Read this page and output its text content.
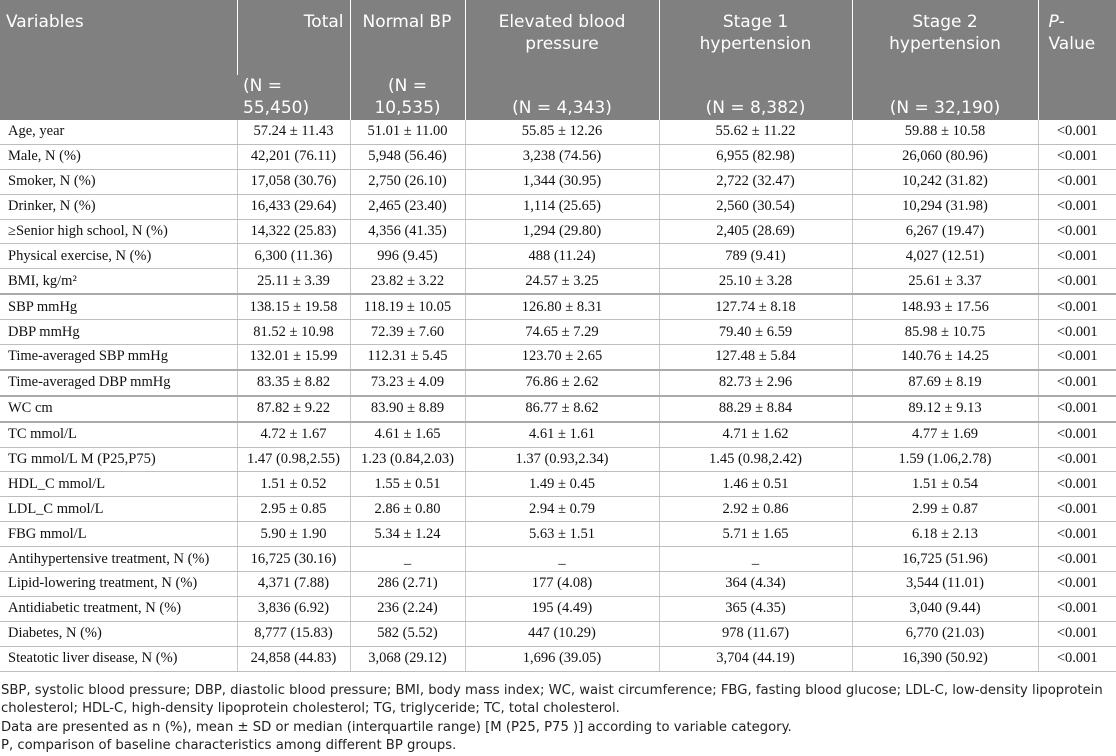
Variables	Total	Normal BP	Elevated blood pressure	Stage 1 hypertension	Stage 2 hypertension	P-Value
	(N = 55,450)	(N = 10,535)	(N = 4,343)	(N = 8,382)	(N = 32,190)	
Age, year	57.24 ± 11.43	51.01 ± 11.00	55.85 ± 12.26	55.62 ± 11.22	59.88 ± 10.58	<0.001
Male, N (%)	42,201 (76.11)	5,948 (56.46)	3,238 (74.56)	6,955 (82.98)	26,060 (80.96)	<0.001
Smoker, N (%)	17,058 (30.76)	2,750 (26.10)	1,344 (30.95)	2,722 (32.47)	10,242 (31.82)	<0.001
Drinker, N (%)	16,433 (29.64)	2,465 (23.40)	1,114 (25.65)	2,560 (30.54)	10,294 (31.98)	<0.001
≥Senior high school, N (%)	14,322 (25.83)	4,356 (41.35)	1,294 (29.80)	2,405 (28.69)	6,267 (19.47)	<0.001
Physical exercise, N (%)	6,300 (11.36)	996 (9.45)	488 (11.24)	789 (9.41)	4,027 (12.51)	<0.001
BMI, kg/m²	25.11 ± 3.39	23.82 ± 3.22	24.57 ± 3.25	25.10 ± 3.28	25.61 ± 3.37	<0.001
SBP mmHg	138.15 ± 19.58	118.19 ± 10.05	126.80 ± 8.31	127.74 ± 8.18	148.93 ± 17.56	<0.001
DBP mmHg	81.52 ± 10.98	72.39 ± 7.60	74.65 ± 7.29	79.40 ± 6.59	85.98 ± 10.75	<0.001
Time-averaged SBP mmHg	132.01 ± 15.99	112.31 ± 5.45	123.70 ± 2.65	127.48 ± 5.84	140.76 ± 14.25	<0.001
Time-averaged DBP mmHg	83.35 ± 8.82	73.23 ± 4.09	76.86 ± 2.62	82.73 ± 2.96	87.69 ± 8.19	<0.001
WC cm	87.82 ± 9.22	83.90 ± 8.89	86.77 ± 8.62	88.29 ± 8.84	89.12 ± 9.13	<0.001
TC mmol/L	4.72 ± 1.67	4.61 ± 1.65	4.61 ± 1.61	4.71 ± 1.62	4.77 ± 1.69	<0.001
TG mmol/L M (P25,P75)	1.47 (0.98,2.55)	1.23 (0.84,2.03)	1.37 (0.93,2.34)	1.45 (0.98,2.42)	1.59 (1.06,2.78)	<0.001
HDL_C mmol/L	1.51 ± 0.52	1.55 ± 0.51	1.49 ± 0.45	1.46 ± 0.51	1.51 ± 0.54	<0.001
LDL_C mmol/L	2.95 ± 0.85	2.86 ± 0.80	2.94 ± 0.79	2.92 ± 0.86	2.99 ± 0.87	<0.001
FBG mmol/L	5.90 ± 1.90	5.34 ± 1.24	5.63 ± 1.51	5.71 ± 1.65	6.18 ± 2.13	<0.001
Antihypertensive treatment, N (%)	16,725 (30.16)	_	_	_	16,725 (51.96)	<0.001
Lipid-lowering treatment, N (%)	4,371 (7.88)	286 (2.71)	177 (4.08)	364 (4.34)	3,544 (11.01)	<0.001
Antidiabetic treatment, N (%)	3,836 (6.92)	236 (2.24)	195 (4.49)	365 (4.35)	3,040 (9.44)	<0.001
Diabetes, N (%)	8,777 (15.83)	582 (5.52)	447 (10.29)	978 (11.67)	6,770 (21.03)	<0.001
Steatotic liver disease, N (%)	24,858 (44.83)	3,068 (29.12)	1,696 (39.05)	3,704 (44.19)	16,390 (50.92)	<0.001

SBP, systolic blood pressure; DBP, diastolic blood pressure; BMI, body mass index; WC, waist circumference; FBG, fasting blood glucose; LDL-C, low-density lipoprotein cholesterol; HDL-C, high-density lipoprotein cholesterol; TG, triglyceride; TC, total cholesterol.

Data are presented as n (%), mean ± SD or median (interquartile range) [M (P25, P75 )] according to variable category.

P, comparison of baseline characteristics among different BP groups.
